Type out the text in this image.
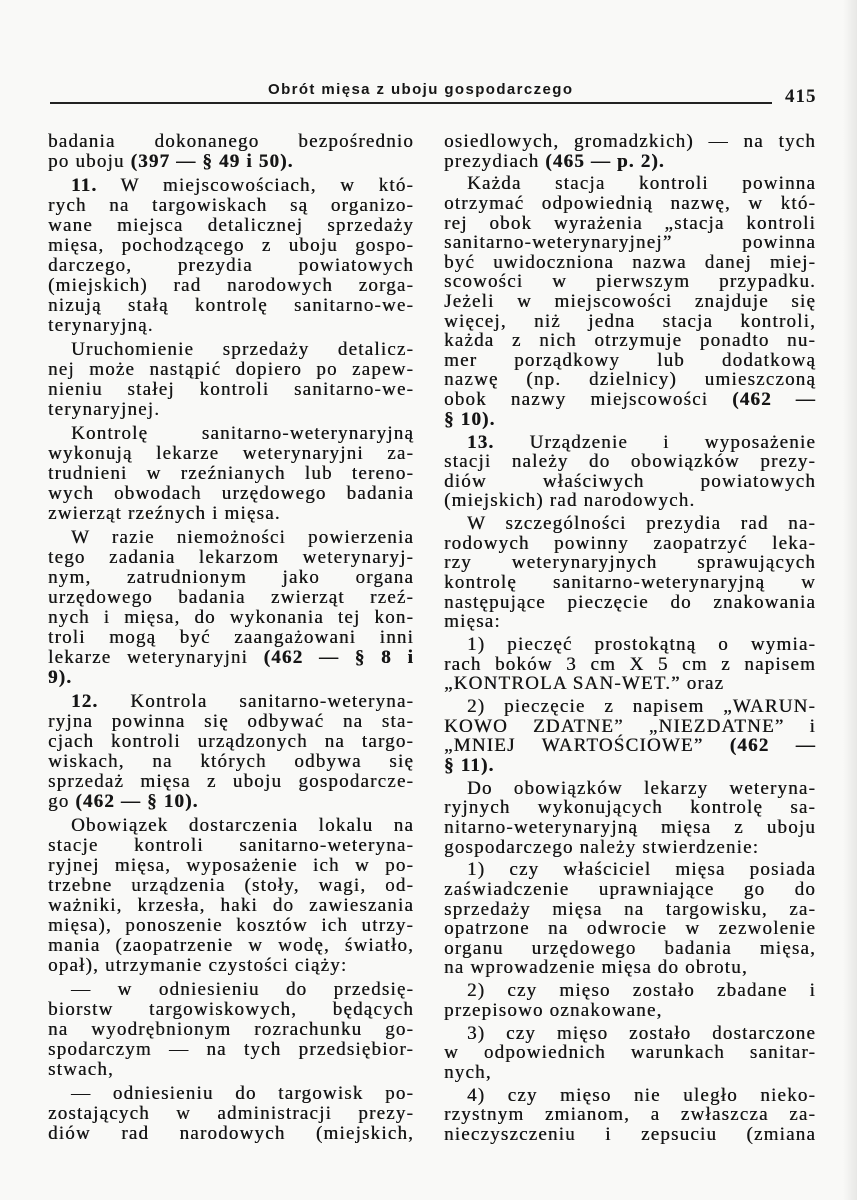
Obrót mięsa z uboju gospodarczego	415
badania dokonanego bezpośrednio
po uboju (397 — § 49 i 50).
11. W miejscowościach, w któ-
rych na targowiskach są organizo-
wane miejsca detalicznej sprzedaży
mięsa, pochodzącego z uboju gospo-
darczego, prezydia powiatowych
(miejskich) rad narodowych zorga-
nizują stałą kontrolę sanitarno-we-
terynaryjną.
Uruchomienie sprzedaży detalicz-
nej może nastąpić dopiero po zapew-
nieniu stałej kontroli sanitarno-we-
terynaryjnej.
Kontrolę sanitarno-weterynaryjną
wykonują lekarze weterynaryjni za-
trudnieni w rzeźnianych lub tereno-
wych obwodach urzędowego badania
zwierząt rzeźnych i mięsa.
W razie niemożności powierzenia
tego zadania lekarzom weterynaryj-
nym, zatrudnionym jako organa
urzędowego badania zwierząt rzeź-
nych i mięsa, do wykonania tej kon-
troli mogą być zaangażowani inni
lekarze weterynaryjni (462 — § 8 i
9).
12. Kontrola sanitarno-weteryna-
ryjna powinna się odbywać na sta-
cjach kontroli urządzonych na targo-
wiskach, na których odbywa się
sprzedaż mięsa z uboju gospodarcze-
go (462 — § 10).
Obowiązek dostarczenia lokalu na
stacje kontroli sanitarno-weteryna-
ryjnej mięsa, wyposażenie ich w po-
trzebne urządzenia (stoły, wagi, od-
ważniki, krzesła, haki do zawieszania
mięsa), ponoszenie kosztów ich utrzy-
mania (zaopatrzenie w wodę, światło,
opał), utrzymanie czystości ciąży:
— w odniesieniu do przedsię-
biorstw targowiskowych, będących
na wyodrębnionym rozrachunku go-
spodarczym — na tych przedsiębior-
stwach,
— odniesieniu do targowisk po-
zostających w administracji prezy-
diów rad narodowych (miejskich,
osiedlowych, gromadzkich) — na tych
prezydiach (465 — p. 2).
Każda stacja kontroli powinna
otrzymać odpowiednią nazwę, w któ-
rej obok wyrażenia „stacja kontroli
sanitarno-weterynaryjnej” powinna
być uwidoczniona nazwa danej miej-
scowości w pierwszym przypadku.
Jeżeli w miejscowości znajduje się
więcej, niż jedna stacja kontroli,
każda z nich otrzymuje ponadto nu-
mer porządkowy lub dodatkową
nazwę (np. dzielnicy) umieszczoną
obok nazwy miejscowości (462 —
§ 10).
13. Urządzenie i wyposażenie
stacji należy do obowiązków prezy-
diów właściwych powiatowych
(miejskich) rad narodowych.
W szczególności prezydia rad na-
rodowych powinny zaopatrzyć leka-
rzy weterynaryjnych sprawujących
kontrolę sanitarno-weterynaryjną w
następujące pieczęcie do znakowania
mięsa:
1) pieczęć prostokątną o wymia-
rach boków 3 cm X 5 cm z napisem
„KONTROLA SAN-WET.” oraz
2) pieczęcie z napisem „WARUN-
KOWO ZDATNE” „NIEZDATNE” i
„MNIEJ WARTOŚCIOWE” (462 —
§ 11).
Do obowiązków lekarzy weteryna-
ryjnych wykonujących kontrolę sa-
nitarno-weterynaryjną mięsa z uboju
gospodarczego należy stwierdzenie:
1) czy właściciel mięsa posiada
zaświadczenie uprawniające go do
sprzedaży mięsa na targowisku, za-
opatrzone na odwrocie w zezwolenie
organu urzędowego badania mięsa,
na wprowadzenie mięsa do obrotu,
2) czy mięso zostało zbadane i
przepisowo oznakowane,
3) czy mięso zostało dostarczone
w odpowiednich warunkach sanitar-
nych,
4) czy mięso nie uległo nieko-
rzystnym zmianom, a zwłaszcza za-
nieczyszczeniu i zepsuciu (zmiana
